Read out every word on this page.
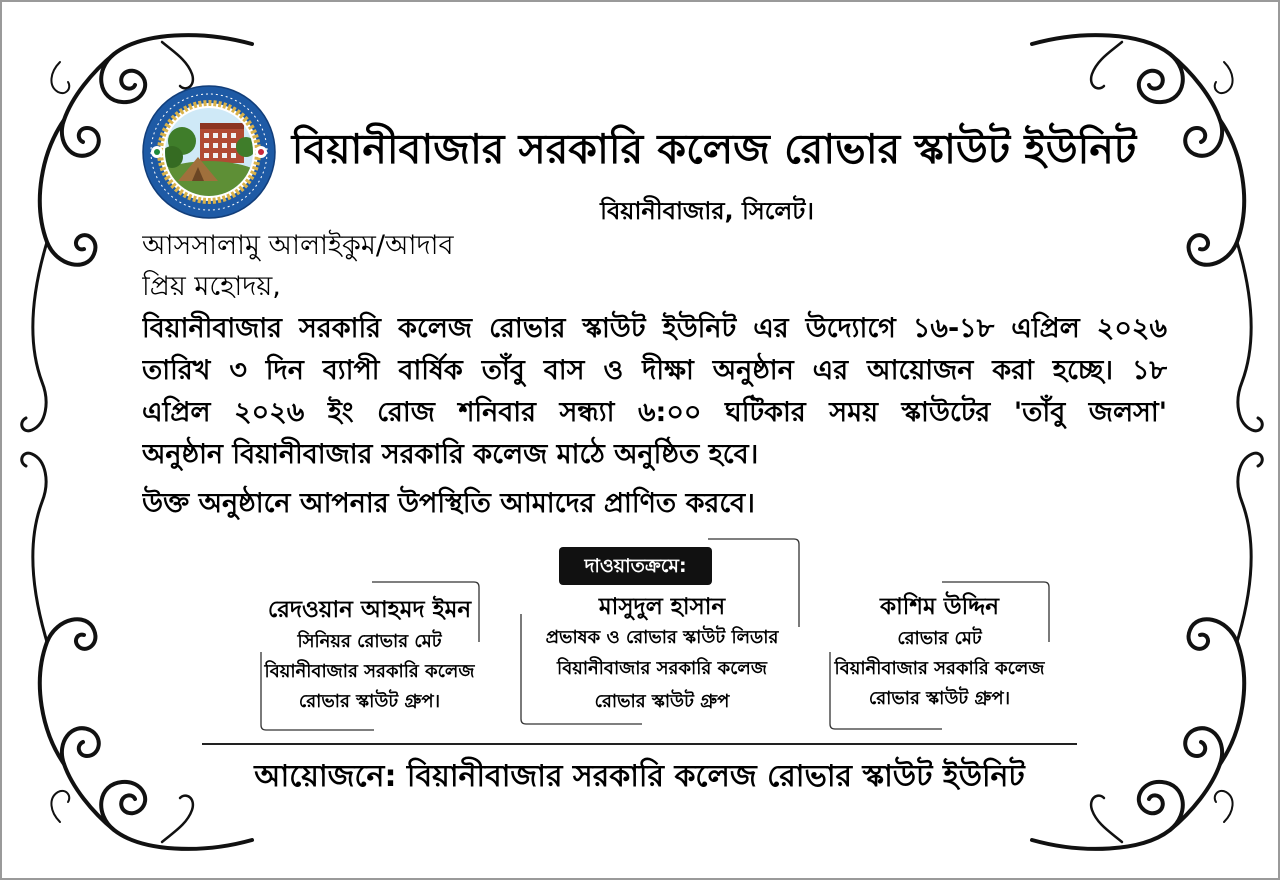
বিয়ানীবাজার সরকারি কলেজ রোভার স্কাউট ইউনিট
বিয়ানীবাজার, সিলেট।
আসসালামু আলাইকুম/আদাব
প্রিয় মহোদয়,
বিয়ানীবাজার সরকারি কলেজ রোভার স্কাউট ইউনিট এর উদ্যোগে ১৬-১৮ এপ্রিল ২০২৬
তারিখ ৩ দিন ব্যাপী বার্ষিক তাঁবু বাস ও দীক্ষা অনুষ্ঠান এর আয়োজন করা হচ্ছে। ১৮
এপ্রিল ২০২৬ ইং রোজ শনিবার সন্ধ্যা ৬:০০ ঘটিকার সময় স্কাউটের 'তাঁবু জলসা'
অনুষ্ঠান বিয়ানীবাজার সরকারি কলেজ মাঠে অনুষ্ঠিত হবে।
উক্ত অনুষ্ঠানে আপনার উপস্থিতি আমাদের প্রাণিত করবে।
দাওয়াতক্রমে:
রেদওয়ান আহমদ ইমন
সিনিয়র রোভার মেট
বিয়ানীবাজার সরকারি কলেজ
রোভার স্কাউট গ্রুপ।
মাসুদুল হাসান
প্রভাষক ও রোভার স্কাউট লিডার
বিয়ানীবাজার সরকারি কলেজ
রোভার স্কাউট গ্রুপ
কাশিম উদ্দিন
রোভার মেট
বিয়ানীবাজার সরকারি কলেজ
রোভার স্কাউট গ্রুপ।
আয়োজনে: বিয়ানীবাজার সরকারি কলেজ রোভার স্কাউট ইউনিট
